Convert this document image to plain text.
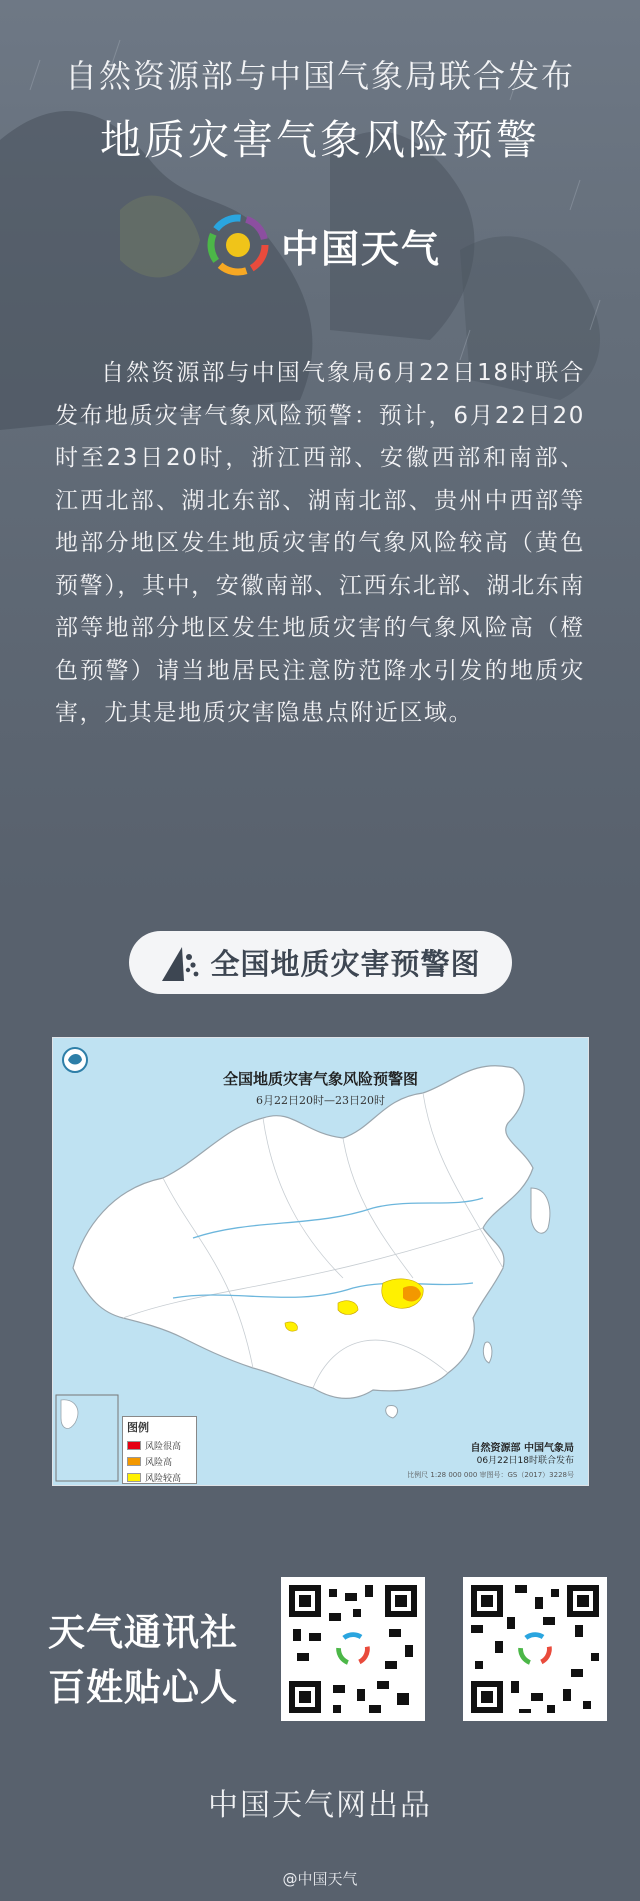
自然资源部与中国气象局联合发布
地质灾害气象风险预警
中国天气
自然资源部与中国气象局6月22日18时联合发布地质灾害气象风险预警：预计，6月22日20时至23日20时，浙江西部、安徽西部和南部、江西北部、湖北东部、湖南北部、贵州中西部等地部分地区发生地质灾害的气象风险较高（黄色预警），其中，安徽南部、江西东北部、湖北东南部等地部分地区发生地质灾害的气象风险高（橙色预警）请当地居民注意防范降水引发的地质灾害，尤其是地质灾害隐患点附近区域。
全国地质灾害预警图
全国地质灾害气象风险预警图
6月22日20时—23日20时
图例
风险很高
风险高
风险较高
自然资源部 中国气象局
06月22日18时联合发布
比例尺 1:28 000 000 审图号：GS（2017）3228号
天气通讯社
百姓贴心人
中国天气网出品
@中国天气
